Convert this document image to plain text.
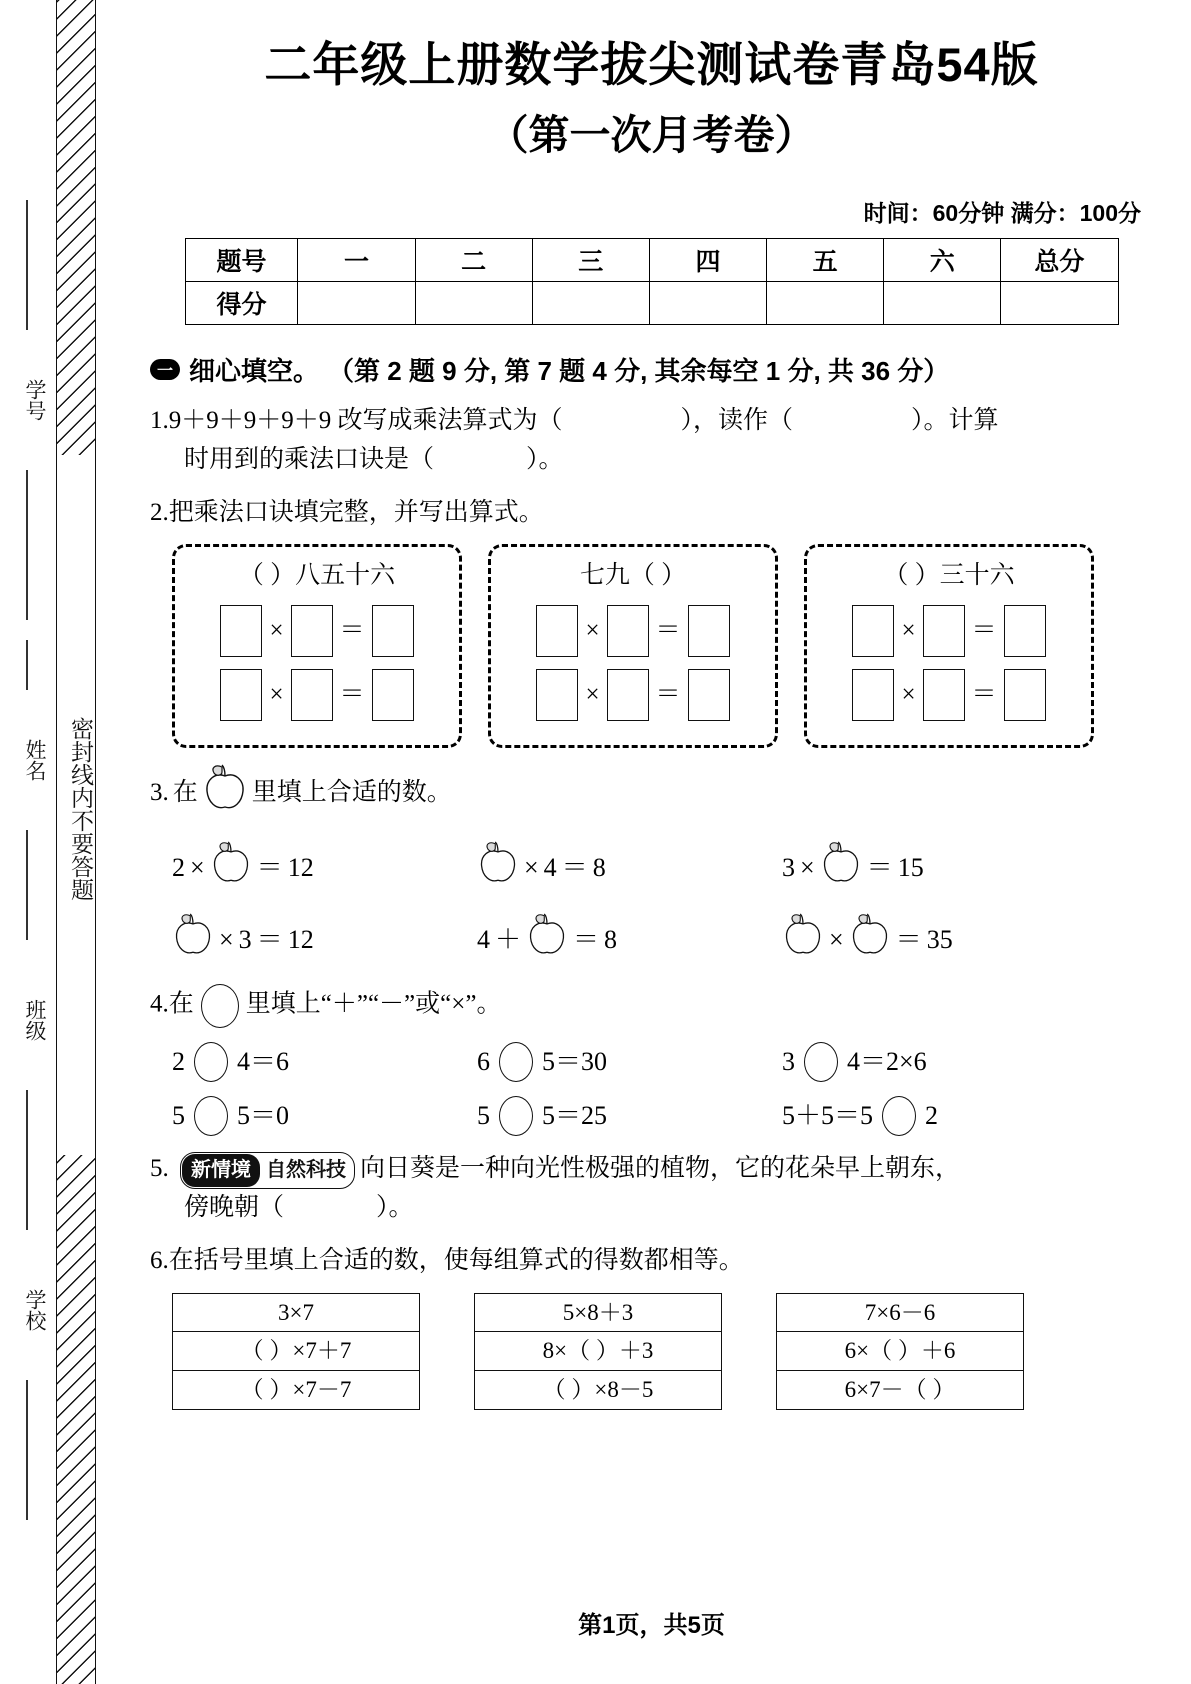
密封线内不要答题
学号
姓名
班级
学校
二年级上册数学拔尖测试卷青岛54版
（第一次月考卷）
时间：60分钟 满分：100分
题号	一	二	三	四	五	六	总分
得分							
一 细心填空。 （第 2 题 9 分, 第 7 题 4 分, 其余每空 1 分, 共 36 分）
1.9＋9＋9＋9＋9 改写成乘法算式为（	），读作（	）。计算
时用到的乘法口诀是（	）。
2.把乘法口诀填完整，并写出算式。
（ ）八五十六
× ＝
× ＝
七九（ ）
× ＝
× ＝
（ ）三十六
× ＝
× ＝
3. 在 里填上合适的数。
2 × ＝ 12	× 4 ＝ 8	3 × ＝ 15
× 3 ＝ 12	4 ＋ ＝ 8	× ＝ 35
4.在 里填上“＋”“－”或“×”。
2 4＝6	6 5＝30	3 4＝2×6
5 5＝0	5 5＝25	5＋5＝5 2
5.	新情境 自然科技 向日葵是一种向光性极强的植物，它的花朵早上朝东，
傍晚朝（	）。
6.在括号里填上合适的数，使每组算式的得数都相等。
3×7
（ ）×7＋7
（ ）×7－7
5×8＋3
8×（ ）＋3
（ ）×8－5
7×6－6
6×（ ）＋6
6×7－（ ）
第1页，共5页
